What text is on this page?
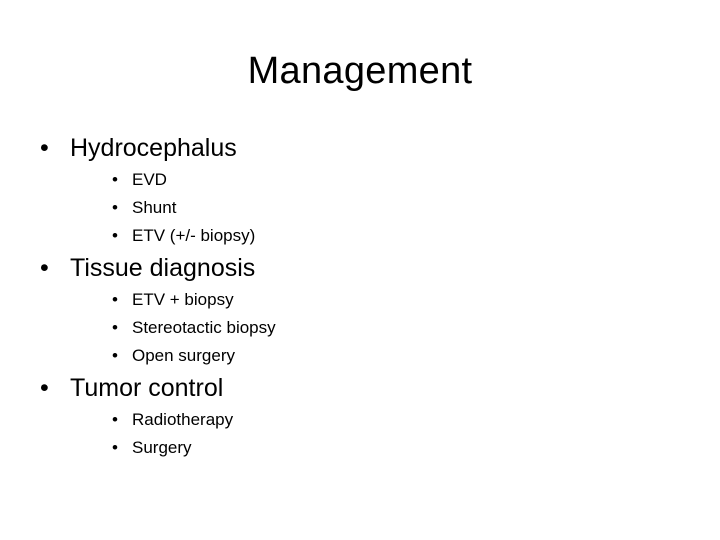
Management
• Hydrocephalus
• EVD
• Shunt
• ETV (+/- biopsy)
• Tissue diagnosis
• ETV + biopsy
• Stereotactic biopsy
• Open surgery
• Tumor control
• Radiotherapy
• Surgery
